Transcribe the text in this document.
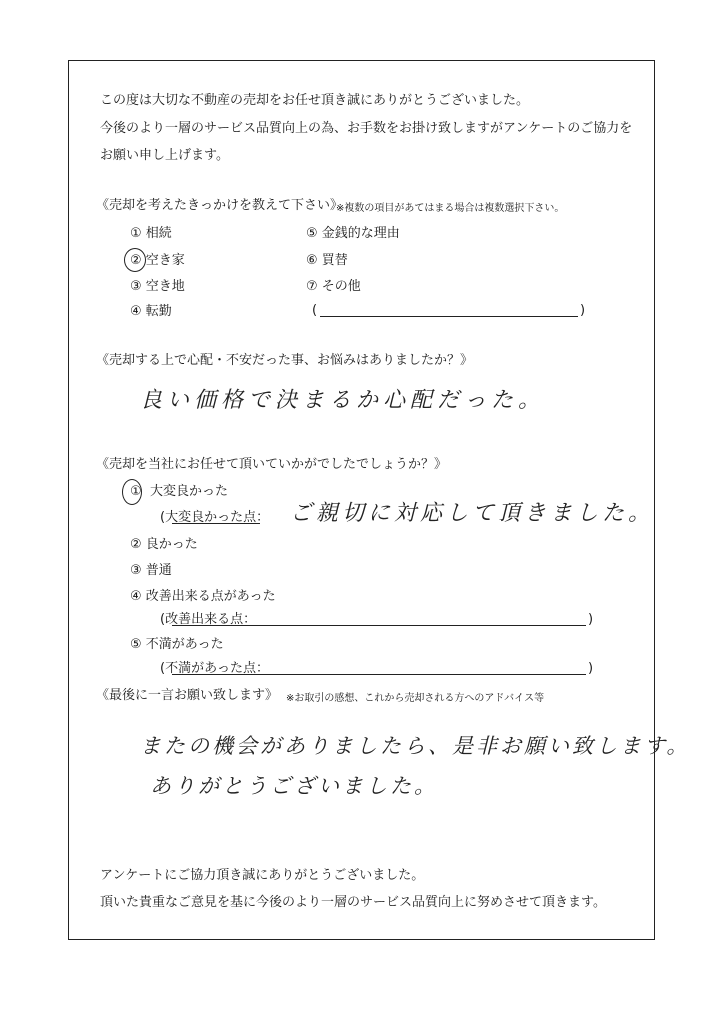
この度は大切な不動産の売却をお任せ頂き誠にありがとうございました。
今後のより一層のサービス品質向上の為、お手数をお掛け致しますがアンケートのご協力を
お願い申し上げます。
《売却を考えたきっかけを教えて下さい》
※複数の項目があてはまる場合は複数選択下さい。
① 相続
② 空き家
③ 空き地
④ 転勤
⑤ 金銭的な理由
⑥ 買替
⑦ その他
(	)
《売却する上で心配・不安だった事、お悩みはありましたか？》
良い価格で決まるか心配だった。
《売却を当社にお任せて頂いていかがでしたでしょうか？》
① 大変良かった
(大変良かった点： ご親切に対応して頂きました。
② 良かった
③ 普通
④ 改善出来る点があった
(改善出来る点：	)
⑤ 不満があった
(不満があった点：	)
《最後に一言お願い致します》 ※お取引の感想、これから売却される方へのアドバイス等
またの機会がありましたら、是非お願い致します。
ありがとうございました。
アンケートにご協力頂き誠にありがとうございました。
頂いた貴重なご意見を基に今後のより一層のサービス品質向上に努めさせて頂きます。
